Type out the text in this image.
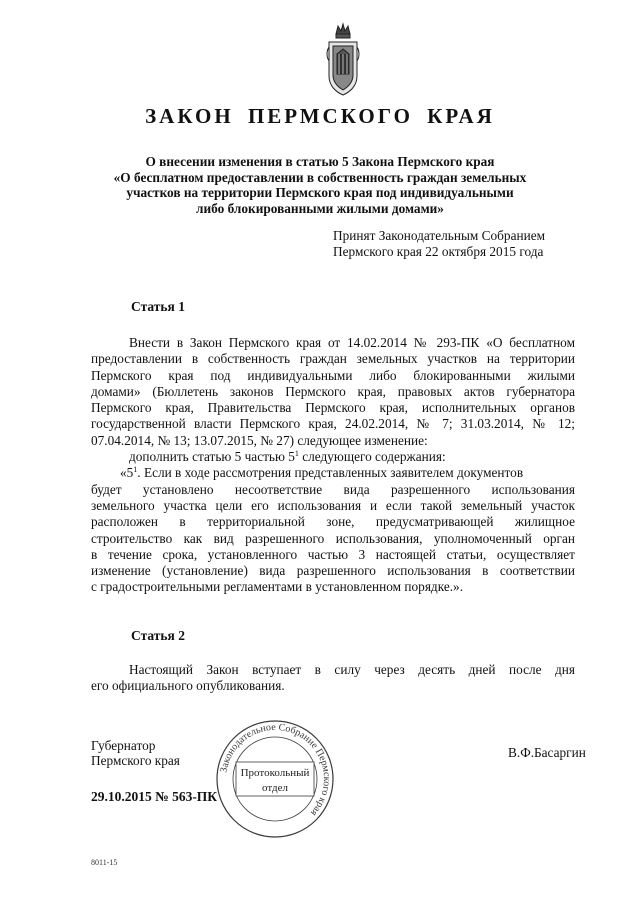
ЗАКОН ПЕРМСКОГО КРАЯ
О внесении изменения в статью 5 Закона Пермского края
«О бесплатном предоставлении в собственность граждан земельных
участков на территории Пермского края под индивидуальными
либо блокированными жилыми домами»
Принят Законодательным Собранием
Пермского края 22 октября 2015 года
Статья 1
Внести в Закон Пермского края от 14.02.2014 № 293-ПК «О бесплатном
предоставлении в собственность граждан земельных участков на территории
Пермского края под индивидуальными либо блокированными жилыми
домами» (Бюллетень законов Пермского края, правовых актов губернатора
Пермского края, Правительства Пермского края, исполнительных органов
государственной власти Пермского края, 24.02.2014, № 7; 31.03.2014, № 12;
07.04.2014, № 13; 13.07.2015, № 27) следующее изменение:
дополнить статью 5 частью $5^1$ следующего содержания:
«$5^1$. Если в ходе рассмотрения представленных заявителем документов
будет установлено несоответствие вида разрешенного использования
земельного участка цели его использования и если такой земельный участок
расположен в территориальной зоне, предусматривающей жилищное
строительство как вид разрешенного использования, уполномоченный орган
в течение срока, установленного частью 3 настоящей статьи, осуществляет
изменение (установление) вида разрешенного использования в соответствии
с градостроительными регламентами в установленном порядке.».
Статья 2
Настоящий Закон вступает в силу через десять дней после дня
его официального опубликования.
Губернатор
Пермского края
В.Ф.Басаргин
Законодательное Собрание Пермского края
Протокольный
отдел
29.10.2015 № 563-ПК
8011-15
